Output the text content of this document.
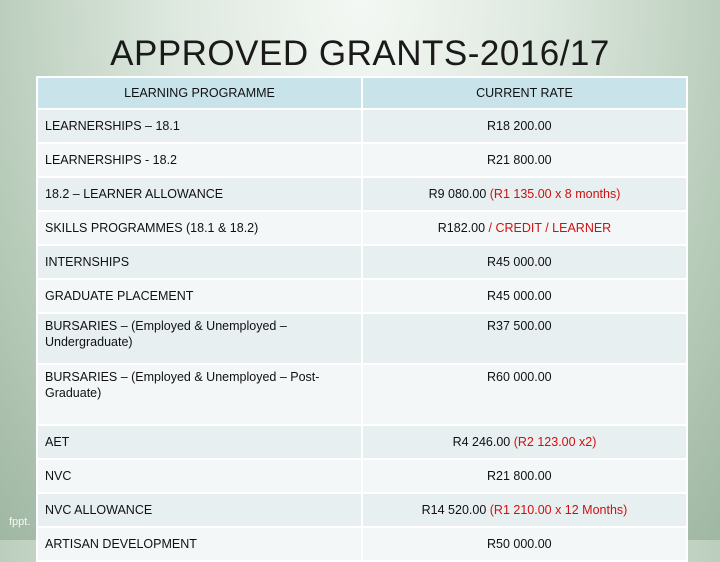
APPROVED GRANTS-2016/17
LEARNING PROGRAMME	CURRENT RATE
LEARNERSHIPS – 18.1	R18 200.00
LEARNERSHIPS - 18.2	R21 800.00
18.2 – LEARNER ALLOWANCE	R9 080.00 (R1 135.00 x 8 months)
SKILLS PROGRAMMES (18.1 & 18.2)	R182.00 / CREDIT / LEARNER
INTERNSHIPS	R45 000.00
GRADUATE PLACEMENT	R45 000.00
BURSARIES – (Employed & Unemployed – Undergraduate)	R37 500.00
BURSARIES – (Employed & Unemployed – Post-Graduate)	R60 000.00
AET	R4 246.00 (R2 123.00 x2)
NVC	R21 800.00
NVC ALLOWANCE	R14 520.00 (R1 210.00 x 12 Months)
ARTISAN DEVELOPMENT	R50 000.00
fppt.
